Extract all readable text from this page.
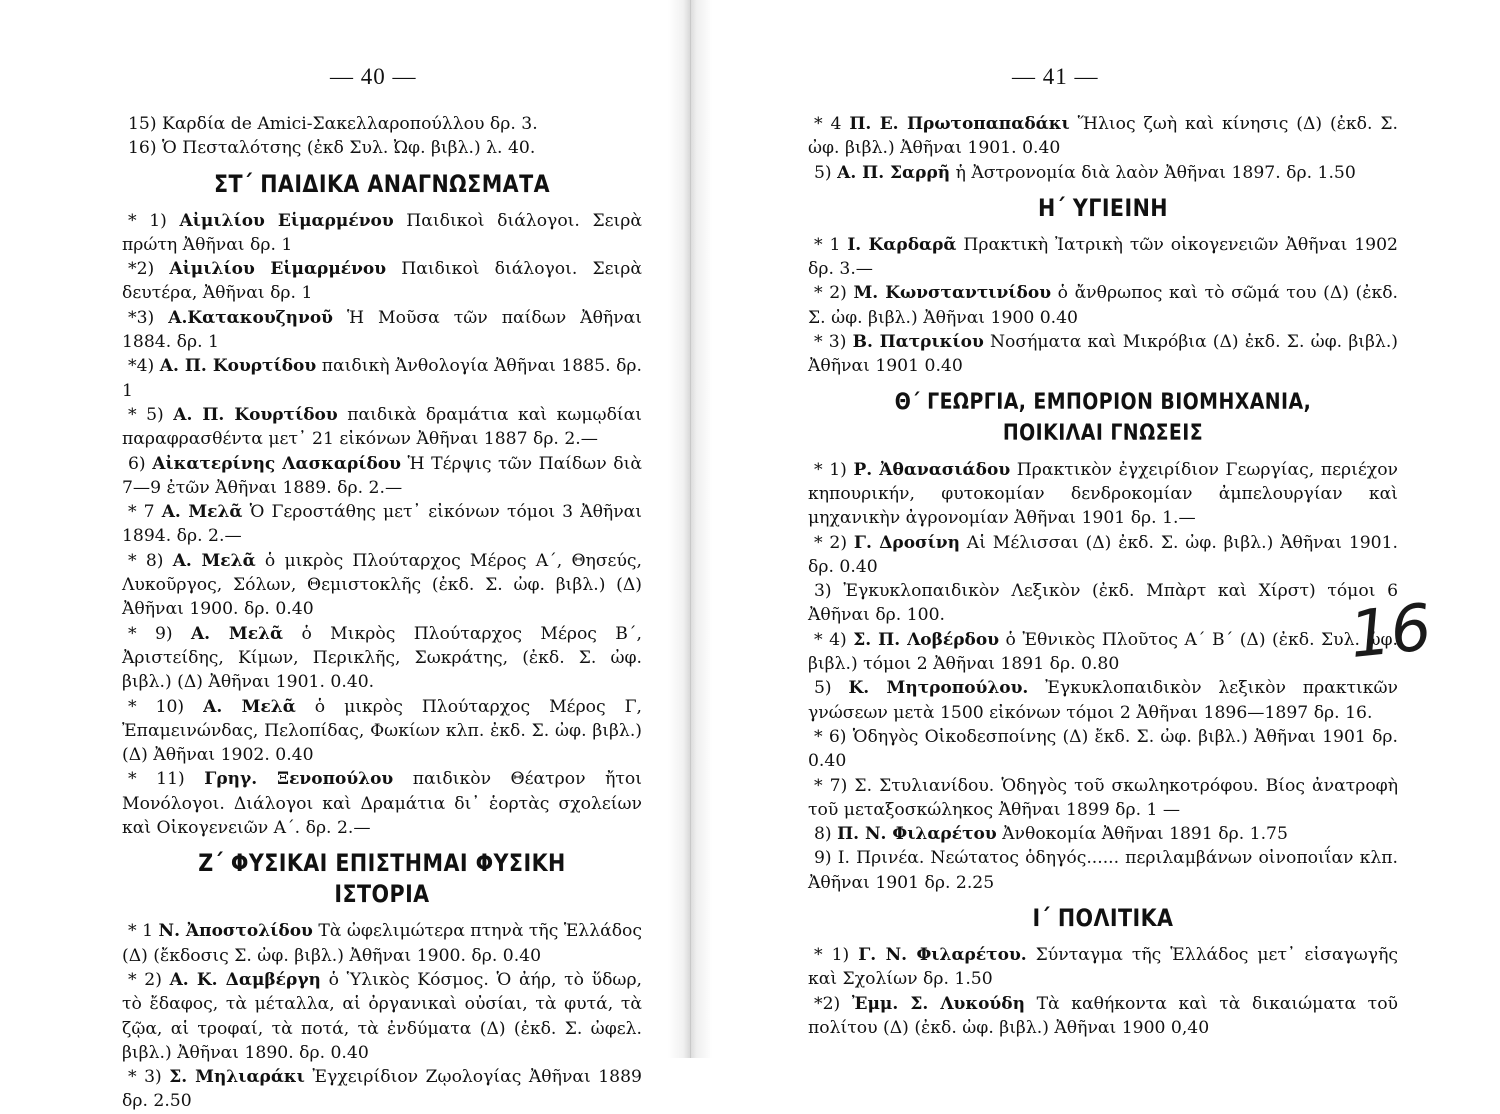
— 40 —

15) Καρδία de Amici-Σακελλαροπούλλου δρ. 3.

16) Ὁ Πεσταλότσης (ἐκδ Συλ. Ὠφ. βιβλ.) λ. 40.

ΣΤ΄ ΠΑΙΔΙΚΑ ΑΝΑΓΝΩΣΜΑΤΑ

* 1) Αἰμιλίου Εἱμαρμένου Παιδικοὶ διάλογοι. Σειρὰ πρώτη Ἀθῆναι δρ. 1

*2) Αἰμιλίου Εἱμαρμένου Παιδικοὶ διάλογοι. Σειρὰ δευτέρα, Ἀθῆναι δρ. 1

*3) Α.Κατακουζηνοῦ Ἡ Μοῦσα τῶν παίδων Ἀθῆναι 1884. δρ. 1

*4) Α. Π. Κουρτίδου παιδικὴ Ἀνθολογία Ἀθῆναι 1885. δρ. 1

* 5) Α. Π. Κουρτίδου παιδικὰ δραμάτια καὶ κωμῳδίαι παραφρασθέντα μετ᾿ 21 εἰκόνων Ἀθῆναι 1887 δρ. 2.—

6) Αἰκατερίνης Λασκαρίδου Ἡ Τέρψις τῶν Παίδων διὰ 7—9 ἐτῶν Ἀθῆναι 1889. δρ. 2.—

* 7 Α. Μελᾶ Ὁ Γεροστάθης μετ᾿ εἰκόνων τόμοι 3 Ἀθῆναι 1894. δρ. 2.—

* 8) Α. Μελᾶ ὁ μικρὸς Πλούταρχος Μέρος Α΄, Θησεύς, Λυκοῦργος, Σόλων, Θεμιστοκλῆς (ἐκδ. Σ. ὠφ. βιβλ.) (Δ) Ἀθῆναι 1900. δρ. 0.40

* 9) Α. Μελᾶ ὁ Μικρὸς Πλούταρχος Μέρος Β΄, Ἀριστείδης, Κίμων, Περικλῆς, Σωκράτης, (ἐκδ. Σ. ὠφ. βιβλ.) (Δ) Ἀθῆναι 1901. 0.40.

* 10) Α. Μελᾶ ὁ μικρὸς Πλούταρχος Μέρος Γ, Ἐπαμεινώνδας, Πελοπίδας, Φωκίων κλπ. ἐκδ. Σ. ὠφ. βιβλ.) (Δ) Ἀθῆναι 1902. 0.40

* 11) Γρηγ. Ξενοπούλου παιδικὸν Θέατρον ἤτοι Μονόλογοι. Διάλογοι καὶ Δραμάτια δι᾿ ἑορτὰς σχολείων καὶ Οἰκογενειῶν Α΄. δρ. 2.—

Ζ΄ ΦΥΣΙΚΑΙ ΕΠΙΣΤΗΜΑΙ ΦΥΣΙΚΗ ΙΣΤΟΡΙΑ

* 1 Ν. Ἀποστολίδου Τὰ ὠφελιμώτερα πτηνὰ τῆς Ἑλλάδος (Δ) (ἔκδοσις Σ. ὠφ. βιβλ.) Ἀθῆναι 1900. δρ. 0.40

* 2) Α. Κ. Δαμβέργη ὁ Ὑλικὸς Κόσμος. Ὁ ἀήρ, τὸ ὕδωρ, τὸ ἔδαφος, τὰ μέταλλα, αἱ ὀργανικαὶ οὐσίαι, τὰ φυτά, τὰ ζῷα, αἱ τροφαί, τὰ ποτά, τὰ ἐνδύματα (Δ) (ἐκδ. Σ. ὠφελ. βιβλ.) Ἀθῆναι 1890. δρ. 0.40

* 3) Σ. Μηλιαράκι Ἐγχειρίδιον Ζῳολογίας Ἀθῆναι 1889 δρ. 2.50

— 41 —

* 4 Π. Ε. Πρωτοπαπαδάκι Ἥλιος ζωὴ καὶ κίνησις (Δ) (ἐκδ. Σ. ὠφ. βιβλ.) Ἀθῆναι 1901. 0.40

5) Α. Π. Σαρρῆ ἡ Ἀστρονομία διὰ λαὸν Ἀθῆναι 1897. δρ. 1.50

Η΄ ΥΓΙΕΙΝΗ

* 1 Ι. Καρδαρᾶ Πρακτικὴ Ἰατρικὴ τῶν οἰκογενειῶν Ἀθῆναι 1902 δρ. 3.—

* 2) Μ. Κωνσταντινίδου ὁ ἄνθρωπος καὶ τὸ σῶμά του (Δ) (ἐκδ. Σ. ὠφ. βιβλ.) Ἀθῆναι 1900 0.40

* 3) Β. Πατρικίου Νοσήματα καὶ Μικρόβια (Δ) ἐκδ. Σ. ὠφ. βιβλ.) Ἀθῆναι 1901 0.40

Θ΄ ΓΕΩΡΓΙΑ, ΕΜΠΟΡΙΟΝ ΒΙΟΜΗΧΑΝΙΑ, ΠΟΙΚΙΛΑΙ ΓΝΩΣΕΙΣ

* 1) Ρ. Ἀθανασιάδου Πρακτικὸν ἐγχειρίδιον Γεωργίας, περιέχον κηπουρικήν, φυτοκομίαν δενδροκομίαν ἀμπελουργίαν καὶ μηχανικὴν ἀγρονομίαν Ἀθῆναι 1901 δρ. 1.—

* 2) Γ. Δροσίνη Αἱ Μέλισσαι (Δ) ἐκδ. Σ. ὠφ. βιβλ.) Ἀθῆναι 1901. δρ. 0.40

3) Ἐγκυκλοπαιδικὸν Λεξικὸν (ἐκδ. Μπὰρτ καὶ Χίρστ) τόμοι 6 Ἀθῆναι δρ. 100.

* 4) Σ. Π. Λοβέρδου ὁ Ἐθνικὸς Πλοῦτος Α΄ Β΄ (Δ) (ἐκδ. Συλ. ὠφ. βιβλ.) τόμοι 2 Ἀθῆναι 1891 δρ. 0.80

5) Κ. Μητροπούλου. Ἐγκυκλοπαιδικὸν λεξικὸν πρακτικῶν γνώσεων μετὰ 1500 εἰκόνων τόμοι 2 Ἀθῆναι 1896—1897 δρ. 16.

* 6) Ὁδηγὸς Οἰκοδεσποίνης (Δ) ἔκδ. Σ. ὠφ. βιβλ.) Ἀθῆναι 1901 δρ. 0.40

* 7) Σ. Στυλιανίδου. Ὁδηγὸς τοῦ σκωληκοτρόφου. Βίος ἀνατροφὴ τοῦ μεταξοσκώληκος Ἀθῆναι 1899 δρ. 1 —

8) Π. Ν. Φιλαρέτου Ἀνθοκομία Ἀθῆναι 1891 δρ. 1.75

9) Ι. Πρινέα. Νεώτατος ὁδηγός...... περιλαμβάνων οἰνοποιΐαν κλπ. Ἀθῆναι 1901 δρ. 2.25

Ι΄ ΠΟΛΙΤΙΚΑ

* 1) Γ. Ν. Φιλαρέτου. Σύνταγμα τῆς Ἑλλάδος μετ᾿ εἰσαγωγῆς καὶ Σχολίων δρ. 1.50

*2) Ἐμμ. Σ. Λυκούδη Τὰ καθήκοντα καὶ τὰ δικαιώματα τοῦ πολίτου (Δ) (ἐκδ. ὠφ. βιβλ.) Ἀθῆναι 1900 0,40

16
